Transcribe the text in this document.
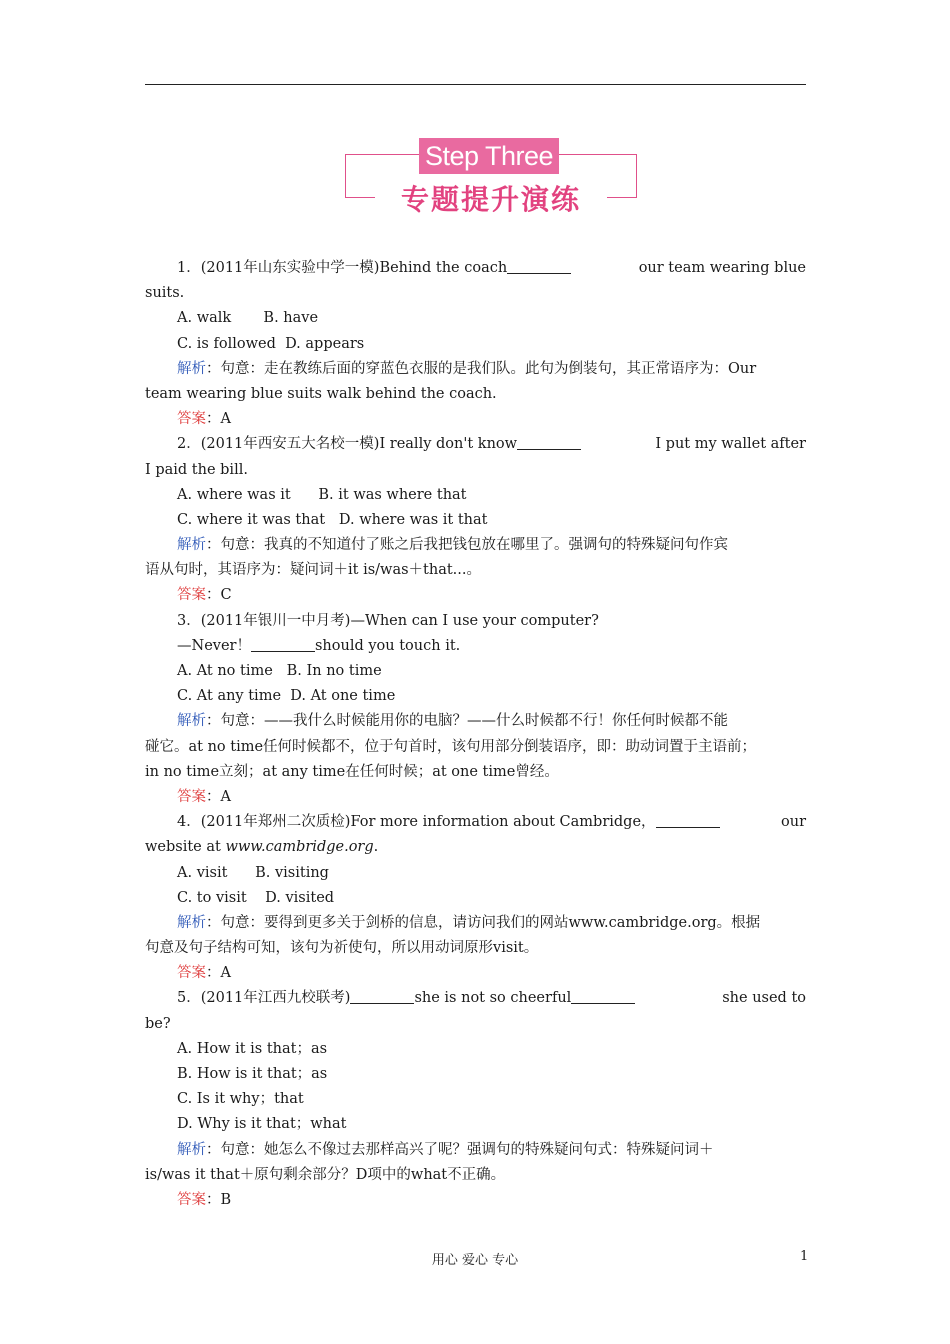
Step Three
专题提升演练
1．(2011年山东实验中学一模)Behind the coach	our team wearing blue
suits.
A. walk       B. have
C. is followed  D. appears
解析：句意：走在教练后面的穿蓝色衣服的是我们队。此句为倒装句，其正常语序为：Our
team wearing blue suits walk behind the coach.
答案：A
2．(2011年西安五大名校一模)I really don't know	I put my wallet after
I paid the bill.
A. where was it      B. it was where that
C. where it was that   D. where was it that
解析：句意：我真的不知道付了账之后我把钱包放在哪里了。强调句的特殊疑问句作宾
语从句时，其语序为：疑问词＋it is/was＋that...。
答案：C
3．(2011年银川一中月考)—When can I use your computer?
—Never！	should you touch it.
A. At no time   B. In no time
C. At any time  D. At one time
解析：句意：——我什么时候能用你的电脑？——什么时候都不行！你任何时候都不能
碰它。at no time任何时候都不，位于句首时，该句用部分倒装语序，即：助动词置于主语前；
in no time立刻；at any time在任何时候；at one time曾经。
答案：A
4．(2011年郑州二次质检)For more information about Cambridge，	our
website at www.cambridge.org.
A. visit      B. visiting
C. to visit    D. visited
解析：句意：要得到更多关于剑桥的信息，请访问我们的网站www.cambridge.org。根据
句意及句子结构可知，该句为祈使句，所以用动词原形visit。
答案：A
5．(2011年江西九校联考)	she is not so cheerful	she used to
be?
A. How it is that；as
B. How is it that；as
C. Is it why；that
D. Why is it that；what
解析：句意：她怎么不像过去那样高兴了呢？强调句的特殊疑问句式：特殊疑问词＋
is/was it that＋原句剩余部分？D项中的what不正确。
答案：B
用心 爱心 专心	1
